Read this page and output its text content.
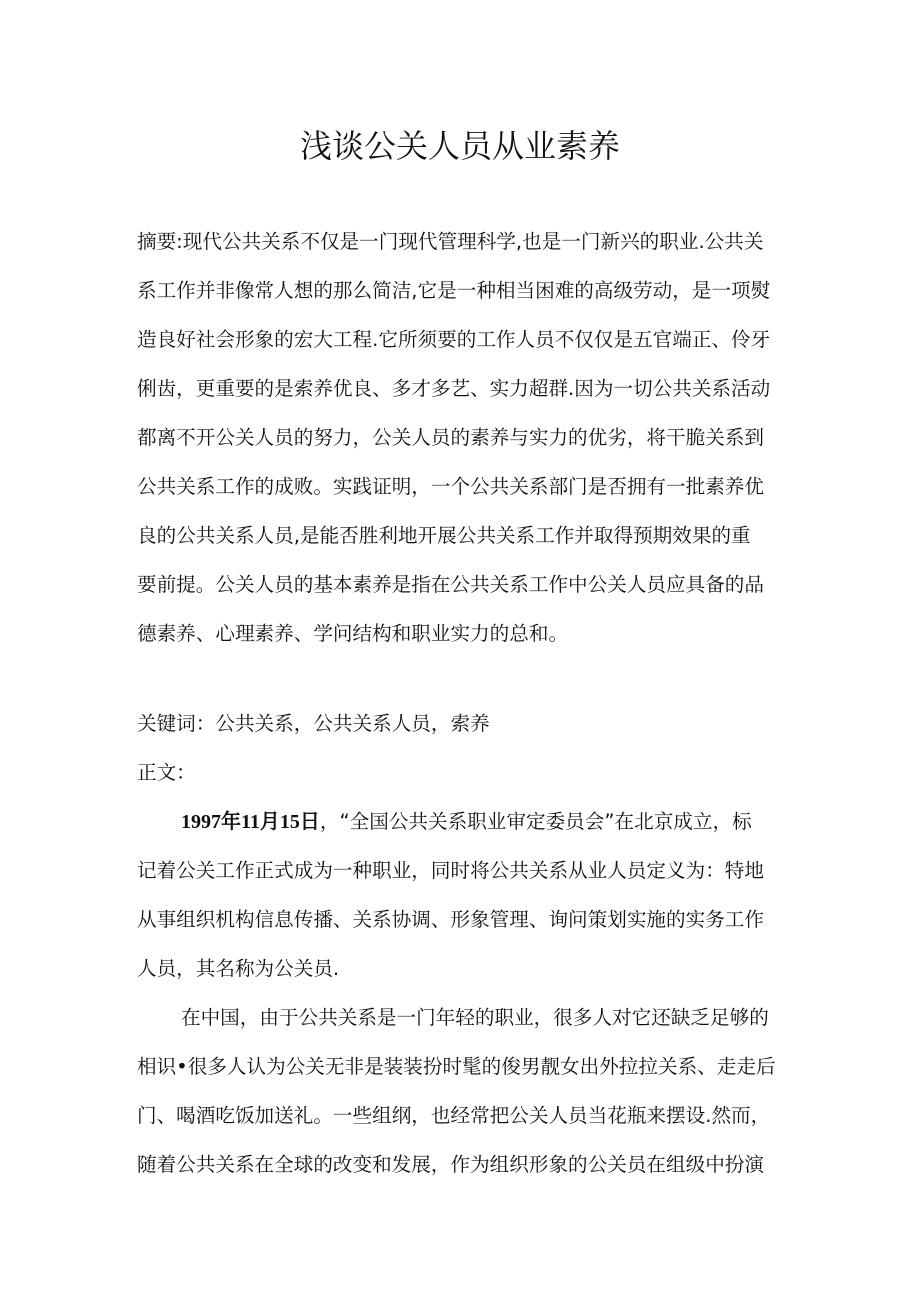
浅谈公关人员从业素养
摘要:现代公共关系不仅是一门现代管理科学,也是一门新兴的职业.公共关
系工作并非像常人想的那么简洁,它是一种相当困难的高级劳动，是一项熨
造良好社会形象的宏大工程.它所须要的工作人员不仅仅是五官端正、伶牙
俐齿，更重要的是索养优良、多才多艺、实力超群.因为一切公共关系活动
都离不开公关人员的努力，公关人员的素养与实力的优劣，将干脆关系到
公共关系工作的成败。实践证明，一个公共关系部门是否拥有一批素养优
良的公共关系人员,是能否胜利地开展公共关系工作并取得预期效果的重
要前提。公关人员的基本素养是指在公共关系工作中公关人员应具备的品
德素养、心理素养、学问结构和职业实力的总和。
关键词：公共关系，公共关系人员，索养
正文：
1997年11月15日，“全国公共关系职业审定委员会”在北京成立，标
记着公关工作正式成为一种职业，同时将公共关系从业人员定义为：特地
从事组织机构信息传播、关系协调、形象管理、询问策划实施的实务工作
人员，其名称为公关员.
在中国，由于公共关系是一门年轻的职业，很多人对它还缺乏足够的
相识•很多人认为公关无非是装装扮时髦的俊男靓女出外拉拉关系、走走后
门、喝酒吃饭加送礼。一些组纲，也经常把公关人员当花瓶来摆设.然而，
随着公共关系在全球的改变和发展，作为组织形象的公关员在组级中扮演
